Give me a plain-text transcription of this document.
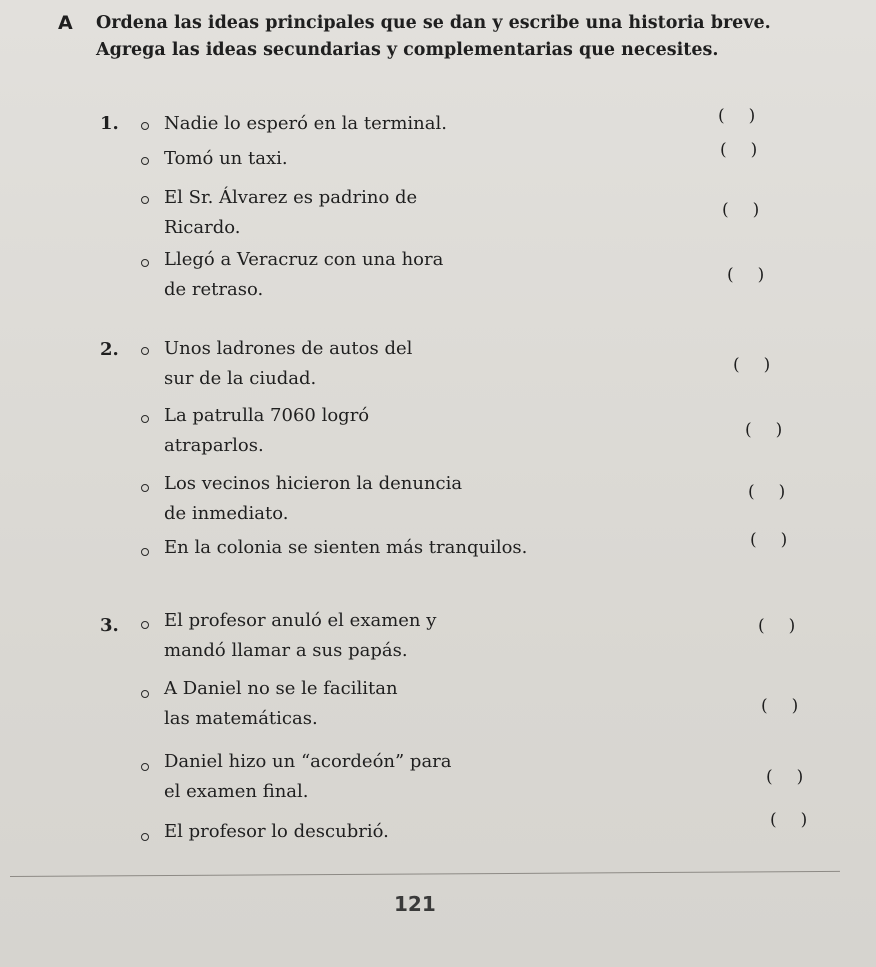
A Ordena las ideas principales que se dan y escribe una historia breve.
Agrega las ideas secundarias y complementarias que necesites.
1.	Nadie lo esperó en la terminal.	( )
Tomó un taxi.	( )
El Sr. Álvarez es padrino de
Ricardo.
( )
Llegó a Veracruz con una hora
de retraso.
( )
2.	Unos ladrones de autos del
sur de la ciudad.
( )
La patrulla 7060 logró
atraparlos.
( )
Los vecinos hicieron la denuncia
de inmediato.
( )
En la colonia se sienten más tranquilos.	( )
3.	El profesor anuló el examen y
mandó llamar a sus papás.
( )
A Daniel no se le facilitan
las matemáticas.
( )
Daniel hizo un “acordeón” para
el examen final.
( )
El profesor lo descubrió.
( )
121
